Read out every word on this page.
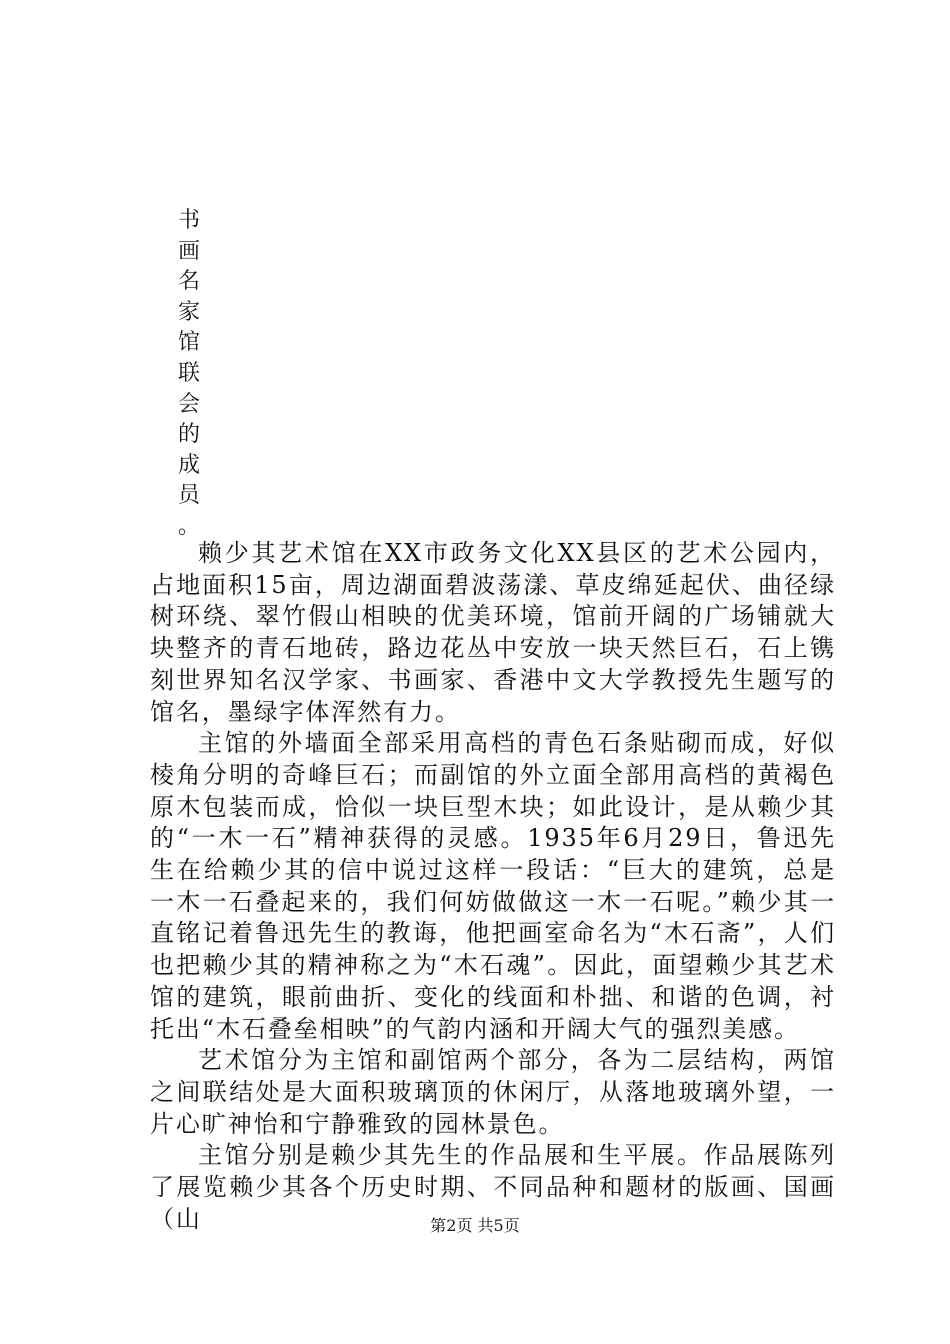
书
画
名
家
馆
联
会
的
成
员
。

赖少其艺术馆在XX市政务文化XX县区的艺术公园内，占地面积15亩，周边湖面碧波荡漾、草皮绵延起伏、曲径绿树环绕、翠竹假山相映的优美环境，馆前开阔的广场铺就大块整齐的青石地砖，路边花丛中安放一块天然巨石，石上镌刻世界知名汉学家、书画家、香港中文大学教授先生题写的馆名，墨绿字体浑然有力。

主馆的外墙面全部采用高档的青色石条贴砌而成，好似棱角分明的奇峰巨石；而副馆的外立面全部用高档的黄褐色原木包装而成，恰似一块巨型木块；如此设计，是从赖少其的“一木一石”精神获得的灵感。1935年6月29日，鲁迅先生在给赖少其的信中说过这样一段话：“巨大的建筑，总是一木一石叠起来的，我们何妨做做这一木一石呢。”赖少其一直铭记着鲁迅先生的教诲，他把画室命名为“木石斋”，人们也把赖少其的精神称之为“木石魂”。因此，面望赖少其艺术馆的建筑，眼前曲折、变化的线面和朴拙、和谐的色调，衬托出“木石叠垒相映”的气韵内涵和开阔大气的强烈美感。

艺术馆分为主馆和副馆两个部分，各为二层结构，两馆之间联结处是大面积玻璃顶的休闲厅，从落地玻璃外望，一片心旷神怡和宁静雅致的园林景色。

主馆分别是赖少其先生的作品展和生平展。作品展陈列了展览赖少其各个历史时期、不同品种和题材的版画、国画（山	第2页 共5页
